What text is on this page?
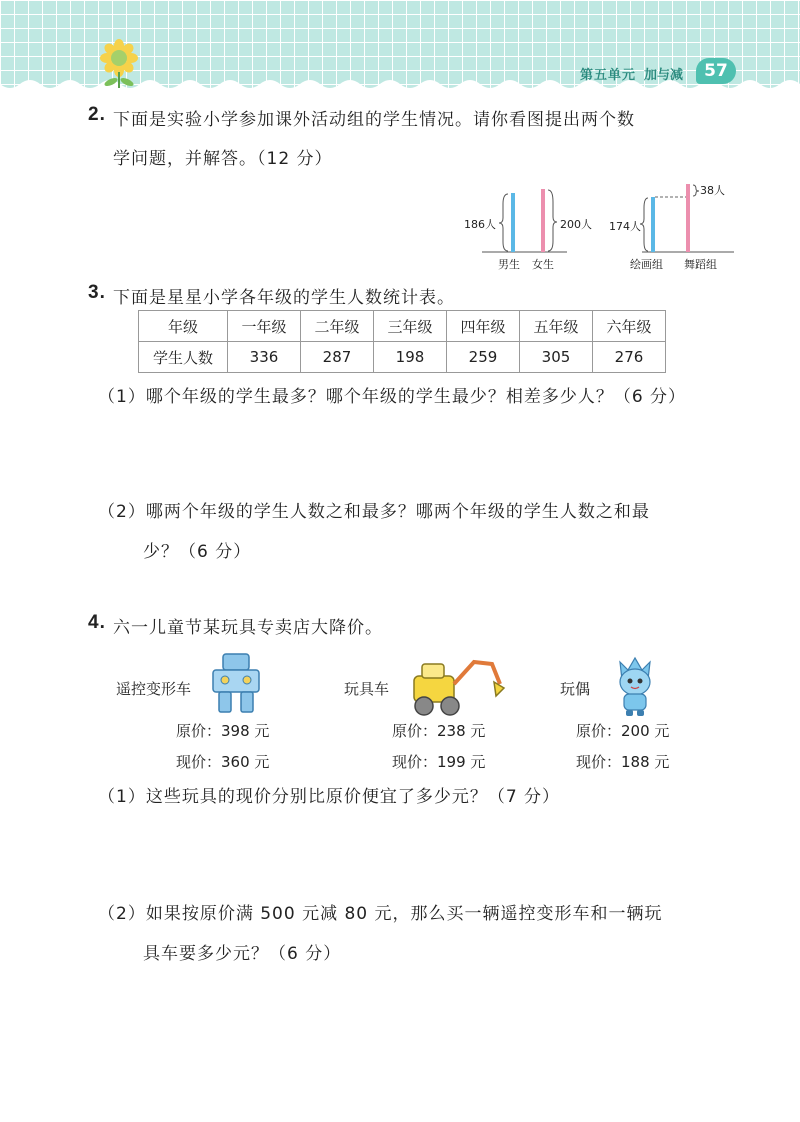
第五单元 加与减	57
2. 下面是实验小学参加课外活动组的学生情况。请你看图提出两个数
学问题，并解答。（12 分）
186人	200人
男生 女生
174人
38人
绘画组 舞蹈组
3. 下面是星星小学各年级的学生人数统计表。
年级	一年级	二年级	三年级	四年级	五年级	六年级
学生人数	336	287	198	259	305	276
（1）哪个年级的学生最多？哪个年级的学生最少？相差多少人？（6 分）
（2）哪两个年级的学生人数之和最多？哪两个年级的学生人数之和最
少？（6 分）
4. 六一儿童节某玩具专卖店大降价。
遥控变形车
原价：398 元
现价：360 元
玩具车
原价：238 元
现价：199 元
玩偶
原价：200 元
现价：188 元
（1）这些玩具的现价分别比原价便宜了多少元？（7 分）
（2）如果按原价满 500 元减 80 元，那么买一辆遥控变形车和一辆玩
具车要多少元？（6 分）
